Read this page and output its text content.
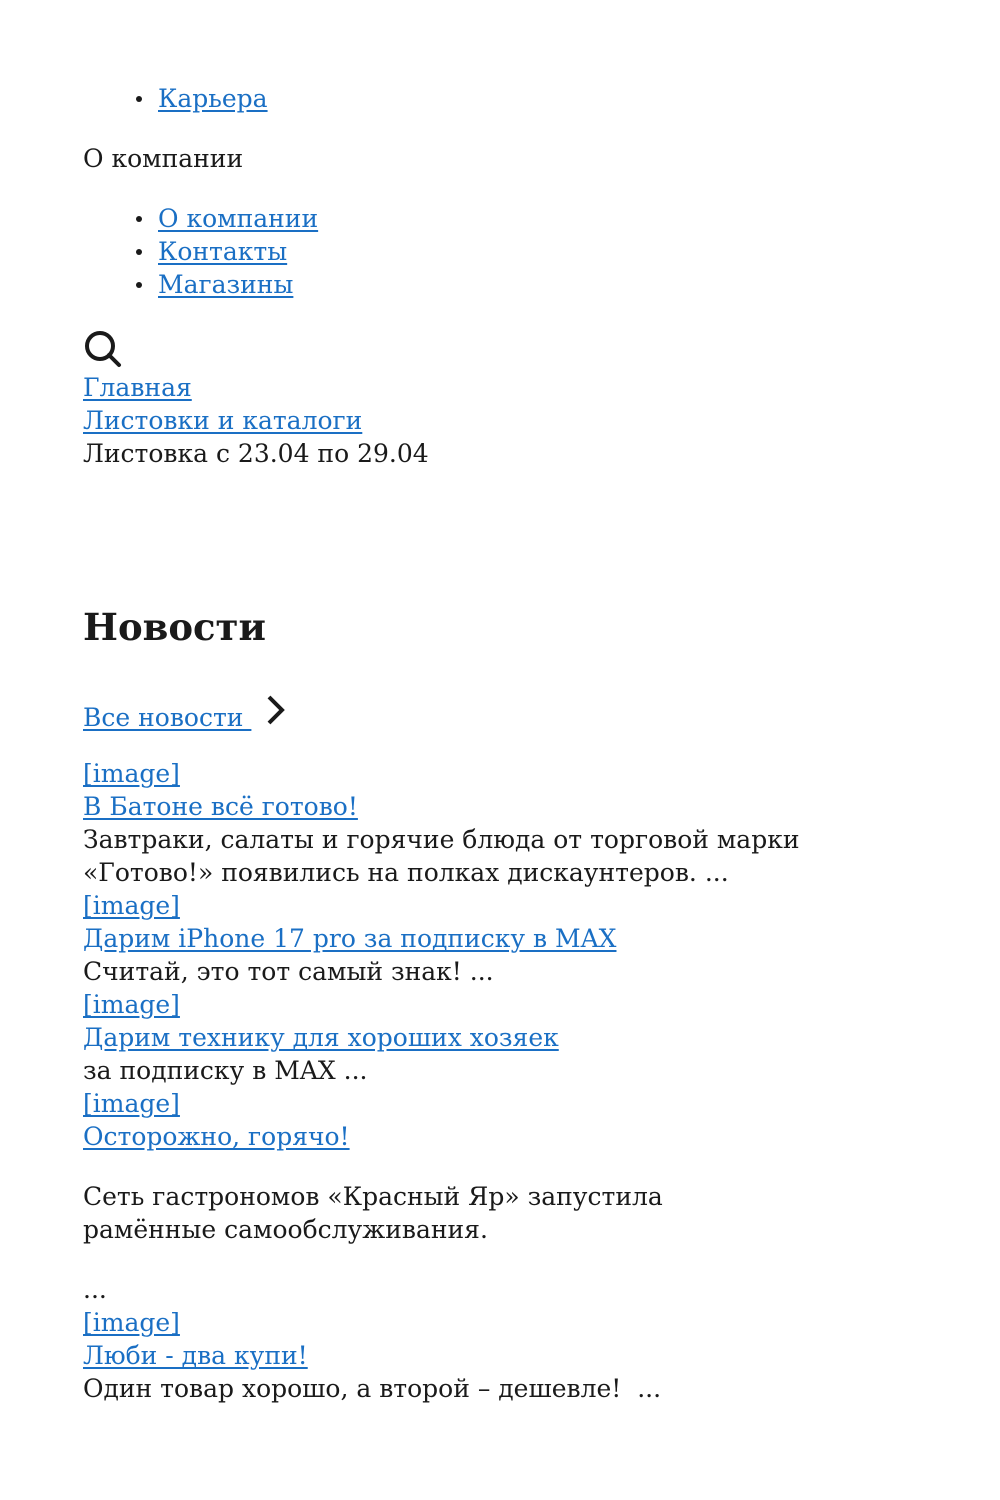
Карьера
О компании
О компании
Контакты
Магазины
Главная
Листовки и каталоги
Листовка с 23.04 по 29.04
Новости
Все новости
[image]
В Батоне всё готово!
Завтраки, салаты и горячие блюда от торговой марки «Готово!» появились на полках дискаунтеров. ...
[image]
Дарим iPhone 17 pro за подписку в MAX
Считай, это тот самый знак! ...
[image]
Дарим технику для хороших хозяек
за подписку в MAX ...
[image]
Осторожно, горячо!

Сеть гастрономов «Красный Яр» запустила рамённые самообслуживания.

...
[image]
Люби - два купи!
Один товар хорошо, а второй – дешевле!  ...
